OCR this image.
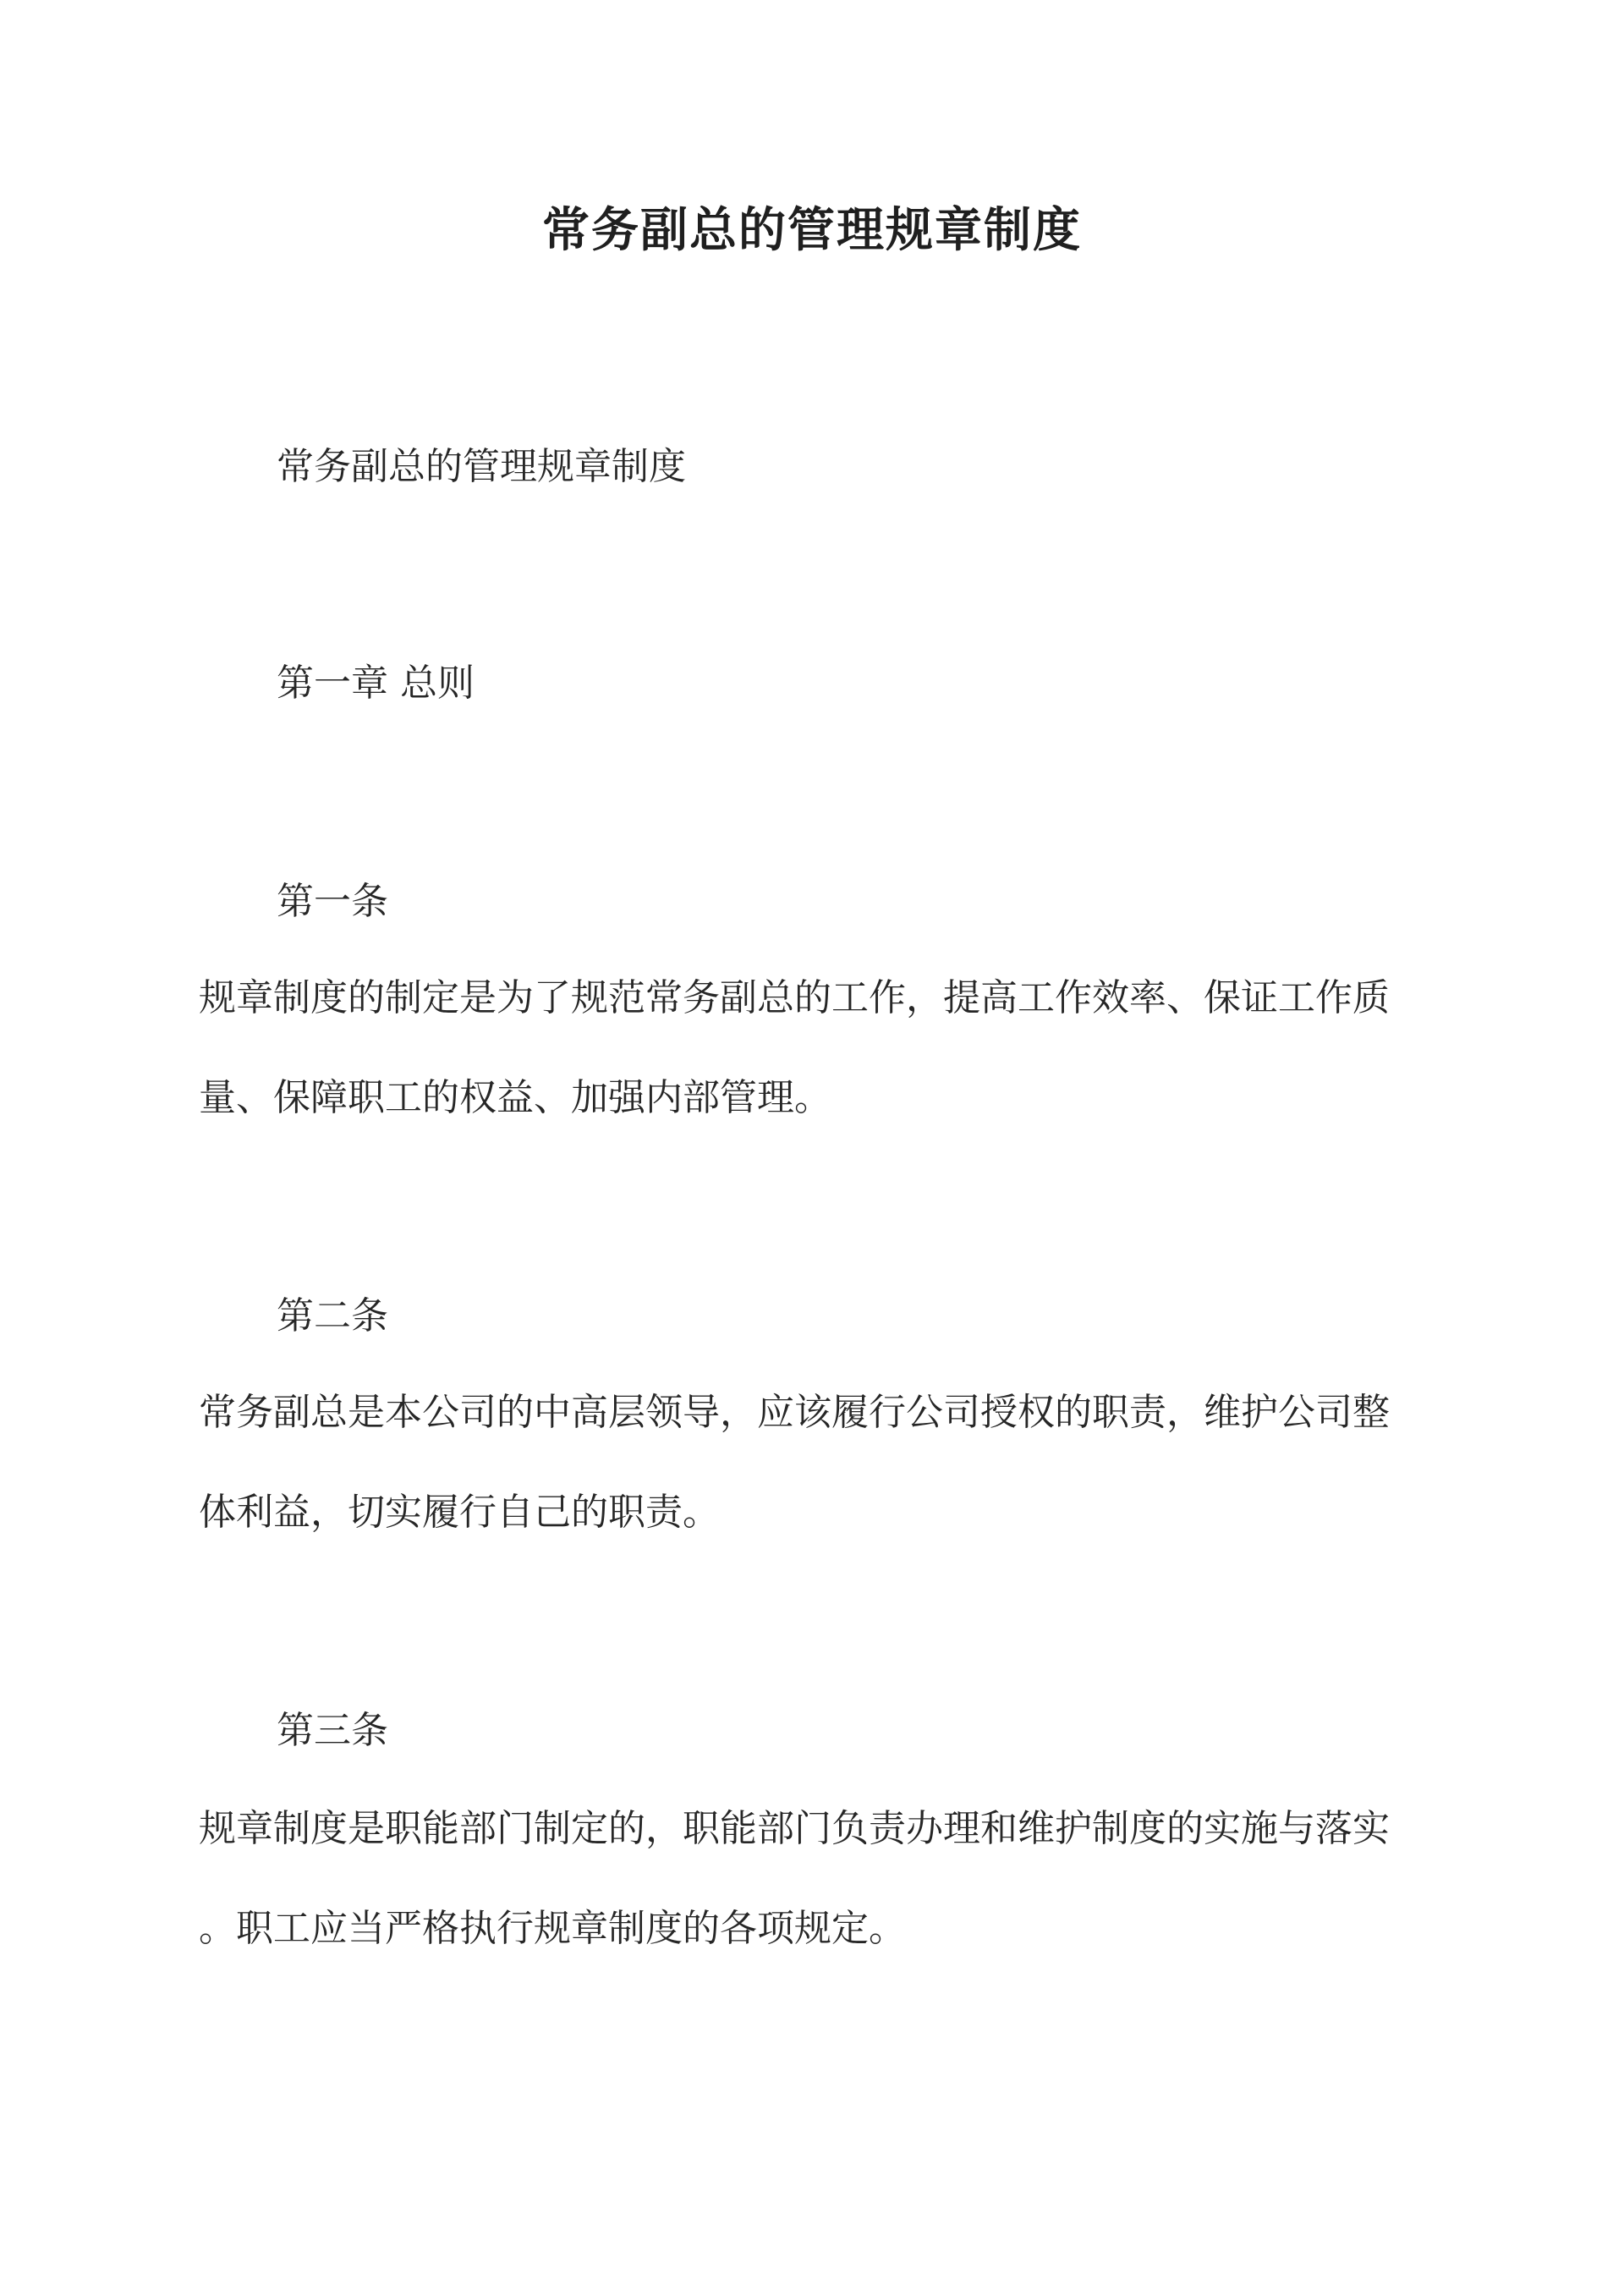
常务副总的管理规章制度

常务副总的管理规章制度

第一章 总则

第一条

规章制度的制定是为了规范常务副总的工作，提高工作效率、保证工作质

量、保障职工的权益、加强内部管理。

第二条

常务副总是本公司的中高层领导，应该履行公司授权的职责，维护公司整

体利益，切实履行自己的职责。

第三条

规章制度是职能部门制定的，职能部门负责办理和维护制度的实施与落实

。职工应当严格执行规章制度的各项规定。
